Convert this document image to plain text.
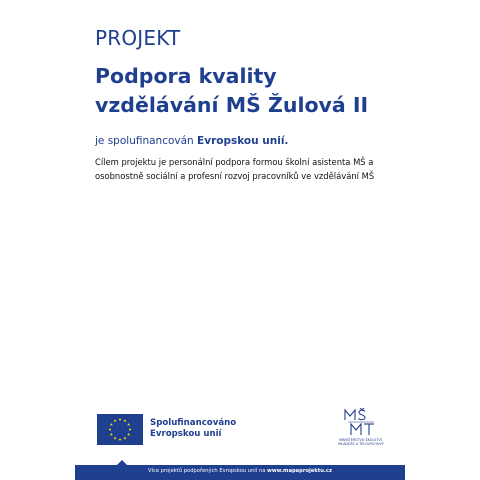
PROJEKT
Podpora kvality vzdělávání MŠ Žulová II
je spolufinancován Evropskou unií.
Cílem projektu je personální podpora formou školní asistenta MŠ a osobnostně sociální a profesní rozvoj pracovníků ve vzdělávání MŠ
Spolufinancováno
Evropskou unií
MINISTERSTVO ŠKOLSTVÍ,
MLÁDEŽE A TĚLOVÝCHOVY
Více projektů podpořených Evropskou unií na www.mapaprojektu.cz
